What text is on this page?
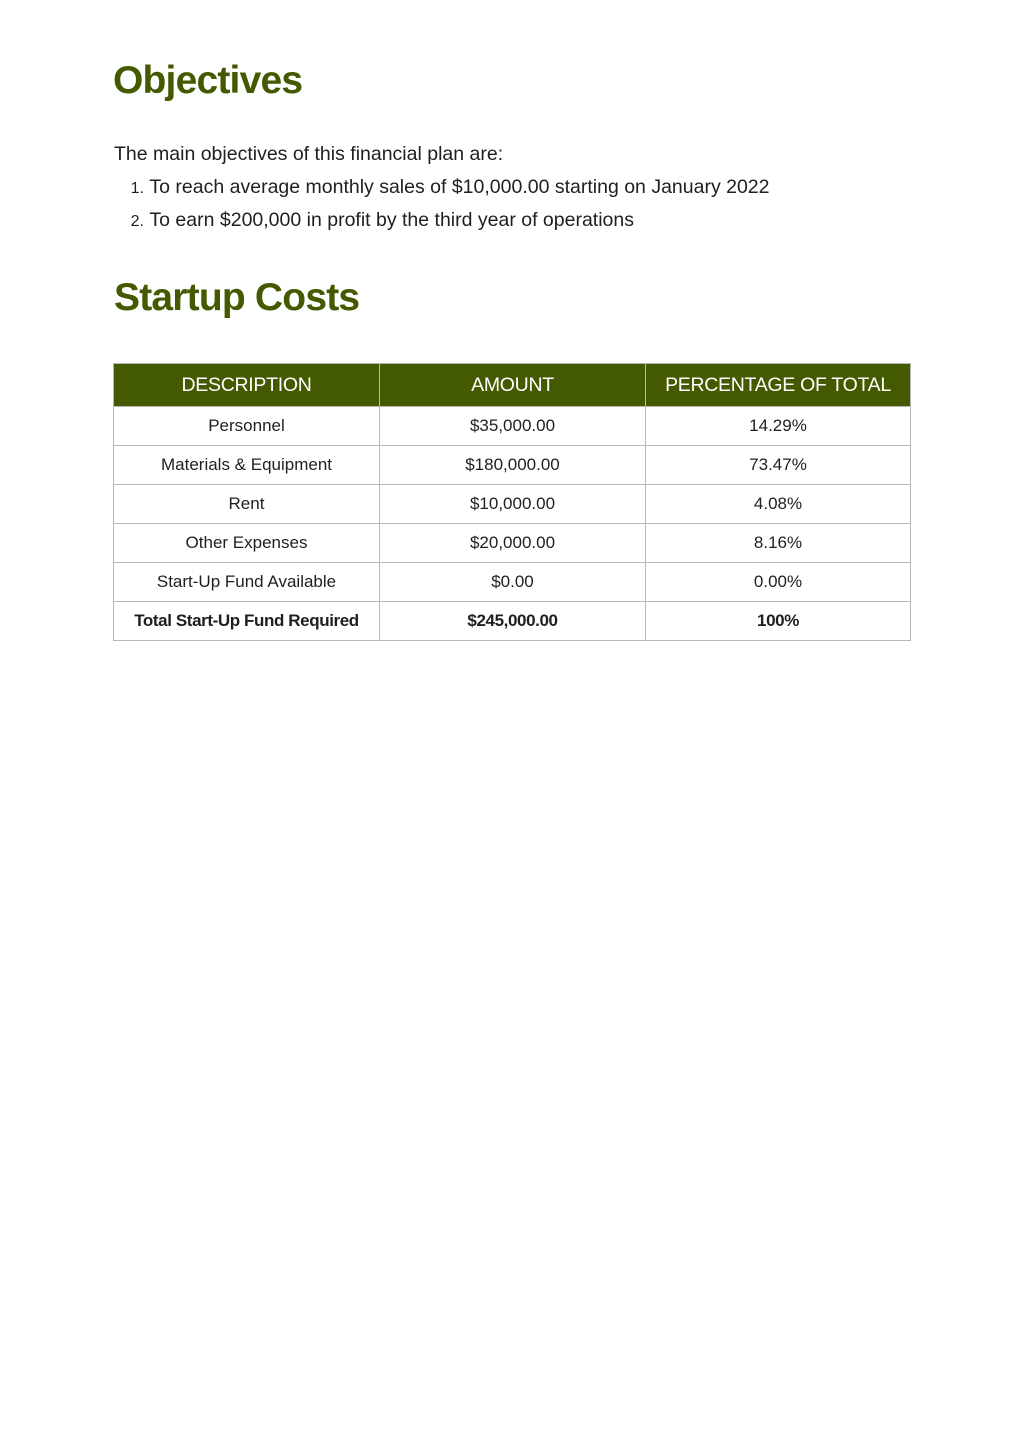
Objectives

The main objectives of this financial plan are:

1. To reach average monthly sales of $10,000.00 starting on January 2022
2. To earn $200,000 in profit by the third year of operations
Startup Costs
DESCRIPTION	AMOUNT	PERCENTAGE OF TOTAL
Personnel	$35,000.00	14.29%
Materials & Equipment	$180,000.00	73.47%
Rent	$10,000.00	4.08%
Other Expenses	$20,000.00	8.16%
Start-Up Fund Available	$0.00	0.00%
Total Start-Up Fund Required	$245,000.00	100%
